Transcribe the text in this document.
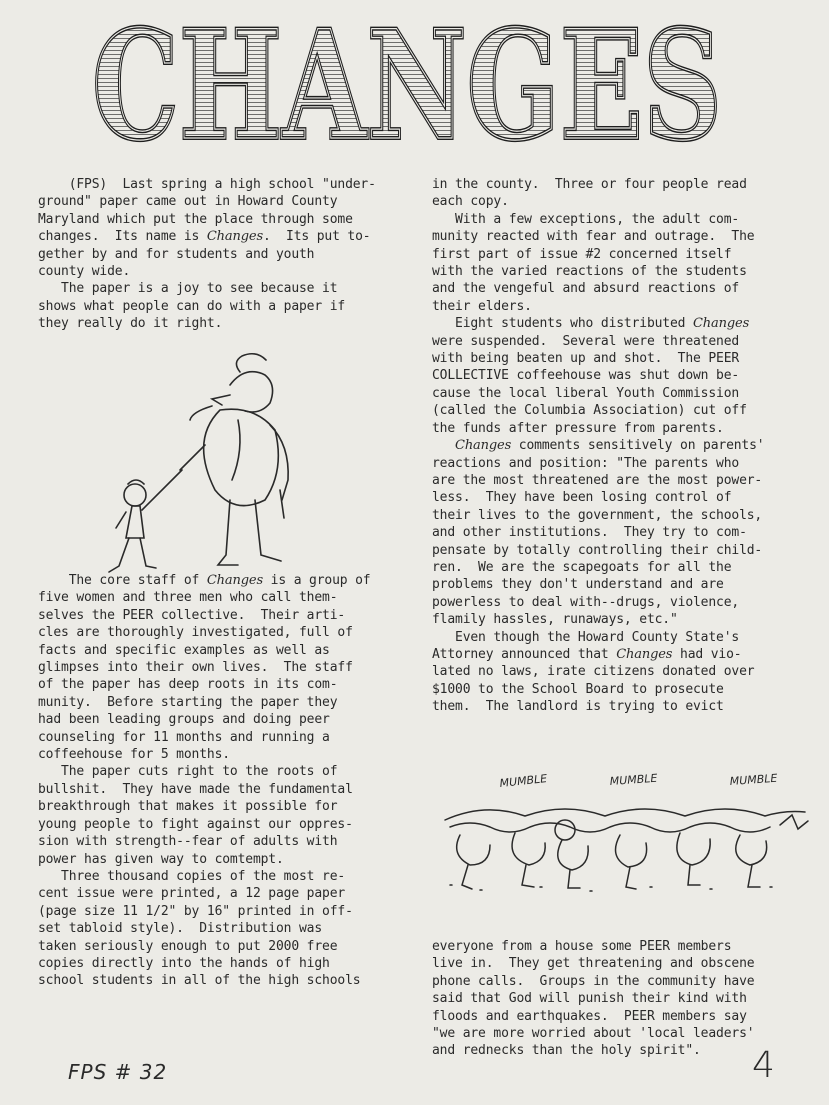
CHANGES
CHANGES

(FPS)  Last spring a high school "under-

ground" paper came out in Howard County

Maryland which put the place through some

changes.  Its name is Changes.  Its put to-

gether by and for students and youth

county wide.

The paper is a joy to see because it

shows what people can do with a paper if

they really do it right.

The core staff of Changes is a group of

five women and three men who call them-

selves the PEER collective.  Their arti-

cles are thoroughly investigated, full of

facts and specific examples as well as

glimpses into their own lives.  The staff

of the paper has deep roots in its com-

munity.  Before starting the paper they

had been leading groups and doing peer

counseling for 11 months and running a

coffeehouse for 5 months.

The paper cuts right to the roots of

bullshit.  They have made the fundamental

breakthrough that makes it possible for

young people to fight against our oppres-

sion with strength--fear of adults with

power has given way to comtempt.

Three thousand copies of the most re-

cent issue were printed, a 12 page paper

(page size 11 1/2" by 16" printed in off-

set tabloid style).  Distribution was

taken seriously enough to put 2000 free

copies directly into the hands of high

school students in all of the high schools

in the county.  Three or four people read

each copy.

With a few exceptions, the adult com-

munity reacted with fear and outrage.  The

first part of issue #2 concerned itself

with the varied reactions of the students

and the vengeful and absurd reactions of

their elders.

Eight students who distributed Changes

were suspended.  Several were threatened

with being beaten up and shot.  The PEER

COLLECTIVE coffeehouse was shut down be-

cause the local liberal Youth Commission

(called the Columbia Association) cut off

the funds after pressure from parents.

Changes comments sensitively on parents'

reactions and position: "The parents who

are the most threatened are the most power-

less.  They have been losing control of

their lives to the government, the schools,

and other institutions.  They try to com-

pensate by totally controlling their child-

ren.  We are the scapegoats for all the

problems they don't understand and are

powerless to deal with--drugs, violence,

flamily hassles, runaways, etc."

Even though the Howard County State's

Attorney announced that Changes had vio-

lated no laws, irate citizens donated over

$1000 to the School Board to prosecute

them.  The landlord is trying to evict

MUMBLE	MUMBLE	MUMBLE

everyone from a house some PEER members

live in.  They get threatening and obscene

phone calls.  Groups in the community have

said that God will punish their kind with

floods and earthquakes.  PEER members say

"we are more worried about 'local leaders'

and rednecks than the holy spirit".

FPS # 32	4
